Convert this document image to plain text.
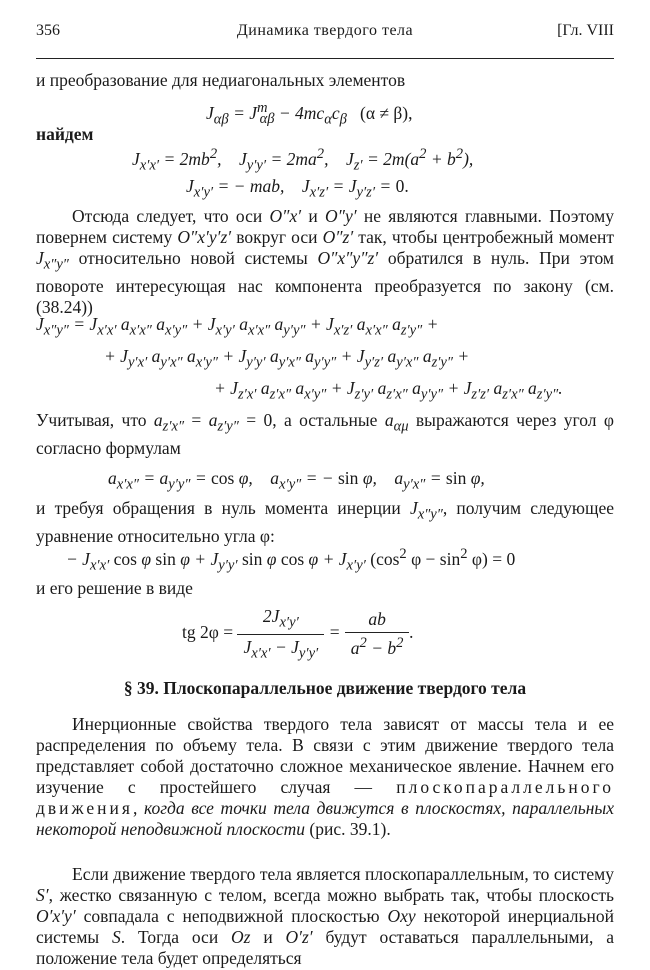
356	Динамика твердого тела	[Гл. VIII

и преобразование для недиагональных элементов

$J_{\alpha\beta} = J^m_{\alpha\beta} - 4mc_\alpha c_\beta$ (α ≠ β),

найдем

$J_{x'x'} = 2mb^2$,    $J_{y'y'} = 2ma^2$,    $J_{z'} = 2m(a^2 + b^2)$,
$J_{x'y'}$ = − mab,    $J_{x'z'} = J_{y'z'} = 0$.

Отсюда следует, что оси O″x′ и O″y′ не являются главными. Поэтому повернем систему O″x′y′z′ вокруг оси O″z′ так, чтобы центробежный момент $J_{x''y''}$ относительно новой системы O″x″y″z′ обратился в нуль. При этом повороте интересующая нас компонента преобразуется по закону (см. (38.24))

$J_{x''y''} = J_{x'x'}$ $a_{x'x''}$ $a_{x'y''} + J_{x'y'}$ $a_{x'x''}$ $a_{y'y''} + J_{x'z'}$ $a_{x'x''}$ $a_{z'y''}$ +
+ $J_{y'x'}$ $a_{y'x''}$ $a_{x'y''} + J_{y'y'}$ $a_{y'x''}$ $a_{y'y''} + J_{y'z'}$ $a_{y'x''}$ $a_{z'y''}$ +
+ $J_{z'x'}$ $a_{z'x''}$ $a_{x'y''} + J_{z'y'}$ $a_{z'x''}$ $a_{y'y''} + J_{z'z'}$ $a_{z'x''}$ $a_{z'y''}$.

Учитывая, что $a_{z'x''} = a_{z'y''} = 0$, а остальные $a_{\alpha\mu}$ выражаются через угол φ согласно формулам

$a_{x'x''} = a_{y'y''} = \cos \varphi$,    $a_{x'y''}$ = − sin φ,    $a_{y'x''} = \sin \varphi$,

и требуя обращения в нуль момента инерции $J_{x''y''}$, получим следующее уравнение относительно угла φ:

− $J_{x'x'}$ cos φ $\sin \varphi + J_{y'y'}$ sin φ $\cos \varphi + J_{x'y'}$ ($\cos^2$ $\varphi - \sin^2 \varphi) = 0$

и его решение в виде

tg $2\varphi = \frac{2J_{x'y'}}{J_{x'x'} - J_{y'y'}} = \frac{ab}{a^2 - b^2}$ .
§ 39. Плоскопараллельное движение твердого тела

Инерционные свойства твердого тела зависят от массы тела и ее распределения по объему тела. В связи с этим движение твердого тела представляет собой достаточно сложное механическое явление. Начнем его изучение с простейшего случая — плоскопараллельного движения, когда все точки тела движутся в плоскостях, параллельных некоторой неподвижной плоскости (рис. 39.1).

Если движение твердого тела является плоскопараллельным, то систему S′, жестко связанную с телом, всегда можно выбрать так, чтобы плоскость O′x′y′ совпадала с неподвижной плоскостью Oxy некоторой инерциальной системы S. Тогда оси Oz и O′z′ будут оставаться параллельными, а положение тела будет определяться
